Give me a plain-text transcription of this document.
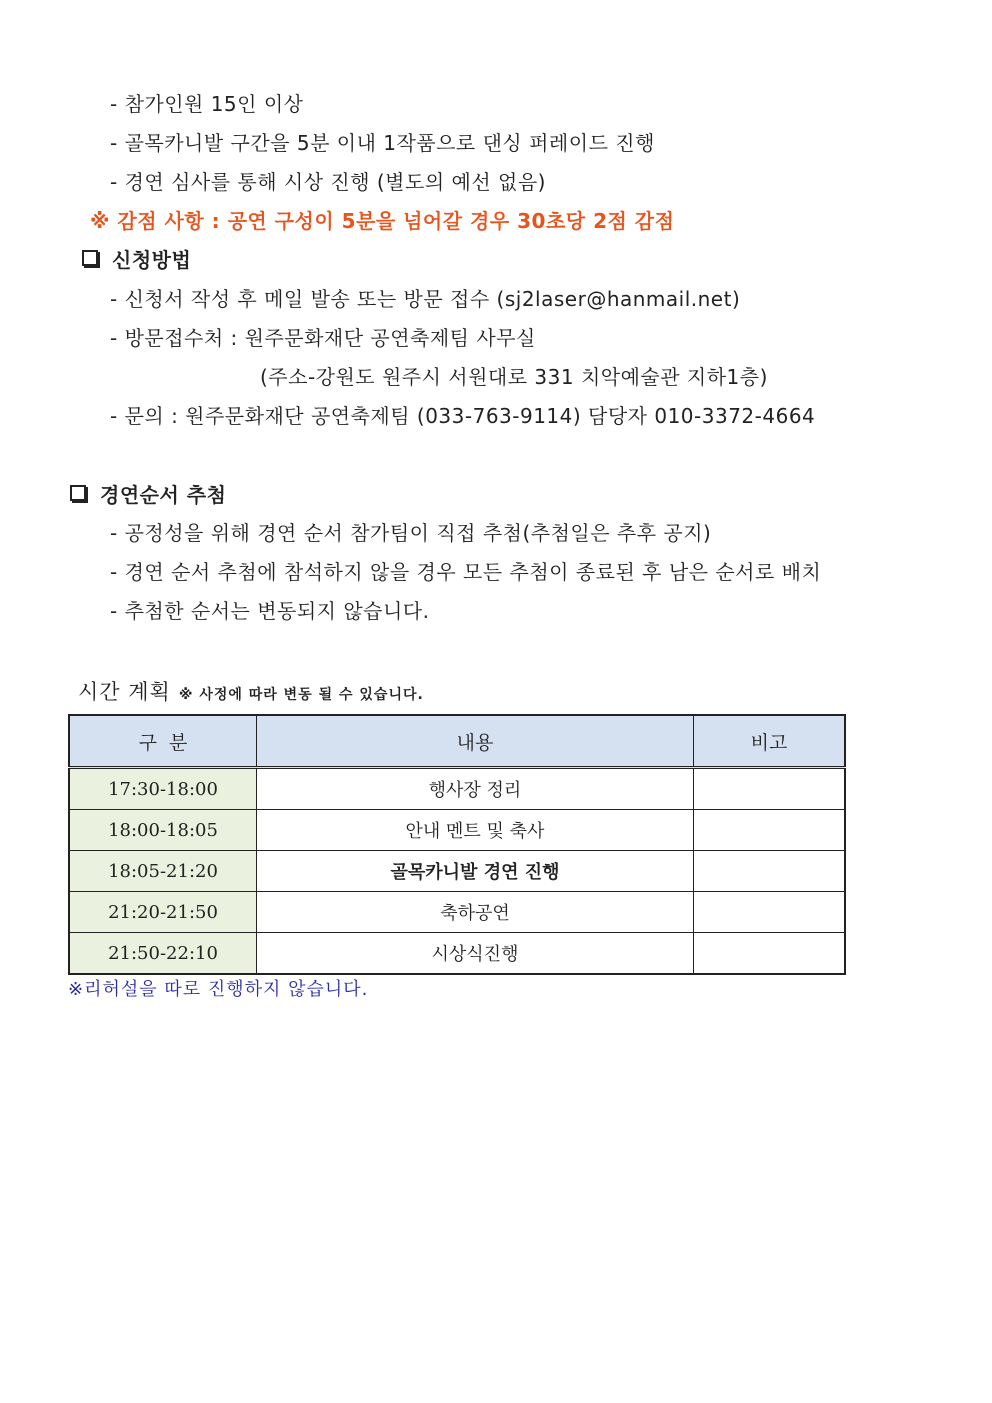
- 참가인원 15인 이상
- 골목카니발 구간을 5분 이내 1작품으로 댄싱 퍼레이드 진행
- 경연 심사를 통해 시상 진행 (별도의 예선 없음)
※ 감점 사항 : 공연 구성이 5분을 넘어갈 경우 30초당 2점 감점
신청방법
- 신청서 작성 후 메일 발송 또는 방문 접수 (sj2laser@hanmail.net)
- 방문접수처 : 원주문화재단 공연축제팀 사무실
(주소-강원도 원주시 서원대로 331 치악예술관 지하1층)
- 문의 : 원주문화재단 공연축제팀 (033-763-9114) 담당자 010-3372-4664
경연순서 추첨
- 공정성을 위해 경연 순서 참가팀이 직접 추첨(추첨일은 추후 공지)
- 경연 순서 추첨에 참석하지 않을 경우 모든 추첨이 종료된 후 남은 순서로 배치
- 추첨한 순서는 변동되지 않습니다.
시간 계획 ※ 사정에 따라 변동 될 수 있습니다.
구  분	내용	비고
17:30-18:00	행사장 정리	
18:00-18:05	안내 멘트 및 축사	
18:05-21:20	골목카니발 경연 진행	
21:20-21:50	축하공연	
21:50-22:10	시상식진행	
※리허설을 따로 진행하지 않습니다.
